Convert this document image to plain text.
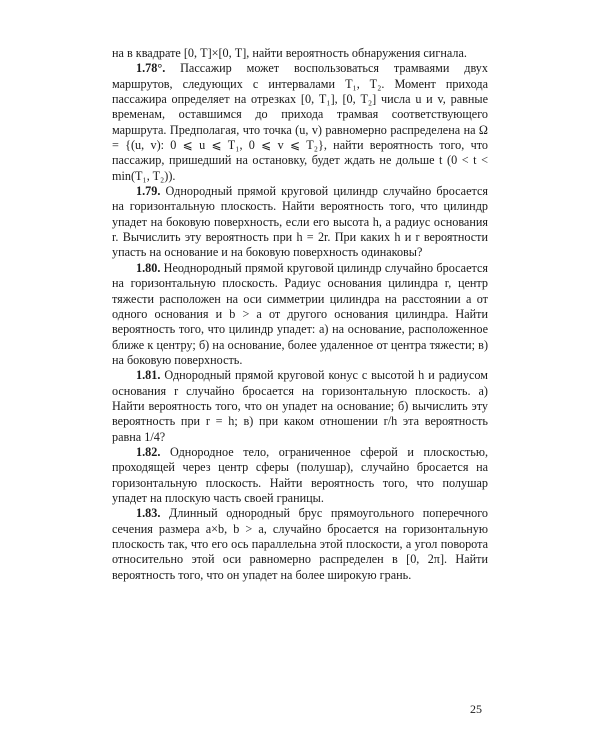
на в квадрате [0, T]×[0, T], найти вероятность обнаружения сигнала.

1.78°. Пассажир может воспользоваться трамваями двух маршрутов, следующих с интервалами T₁, T₂. Момент прихода пассажира определяет на отрезках [0, T₁], [0, T₂] числа u и v, равные временам, оставшимся до прихода трамвая соответствующего маршрута. Предполагая, что точка (u, v) равномерно распределена на Ω = {(u, v): 0 ⩽ u ⩽ T₁, 0 ⩽ v ⩽ T₂}, найти вероятность того, что пассажир, пришедший на остановку, будет ждать не дольше t (0 < t < min(T₁, T₂)).

1.79. Однородный прямой круговой цилиндр случайно бросается на горизонтальную плоскость. Найти вероятность того, что цилиндр упадет на боковую поверхность, если его высота h, а радиус основания r. Вычислить эту вероятность при h = 2r. При каких h и r вероятности упасть на основание и на боковую поверхность одинаковы?

1.80. Неоднородный прямой круговой цилиндр случайно бросается на горизонтальную плоскость. Радиус основания цилиндра r, центр тяжести расположен на оси симметрии цилиндра на расстоянии a от одного основания и b > a от другого основания цилиндра. Найти вероятность того, что цилиндр упадет: а) на основание, расположенное ближе к центру; б) на основание, более удаленное от центра тяжести; в) на боковую поверхность.

1.81. Однородный прямой круговой конус с высотой h и радиусом основания r случайно бросается на горизонтальную плоскость. а) Найти вероятность того, что он упадет на основание; б) вычислить эту вероятность при r = h; в) при каком отношении r/h эта вероятность равна 1/4?

1.82. Однородное тело, ограниченное сферой и плоскостью, проходящей через центр сферы (полушар), случайно бросается на горизонтальную плоскость. Найти вероятность того, что полушар упадет на плоскую часть своей границы.

1.83. Длинный однородный брус прямоугольного поперечного сечения размера a×b, b > a, случайно бросается на горизонтальную плоскость так, что его ось параллельна этой плоскости, а угол поворота относительно этой оси равномерно распределен в [0, 2π]. Найти вероятность того, что он упадет на более широкую грань.

25
